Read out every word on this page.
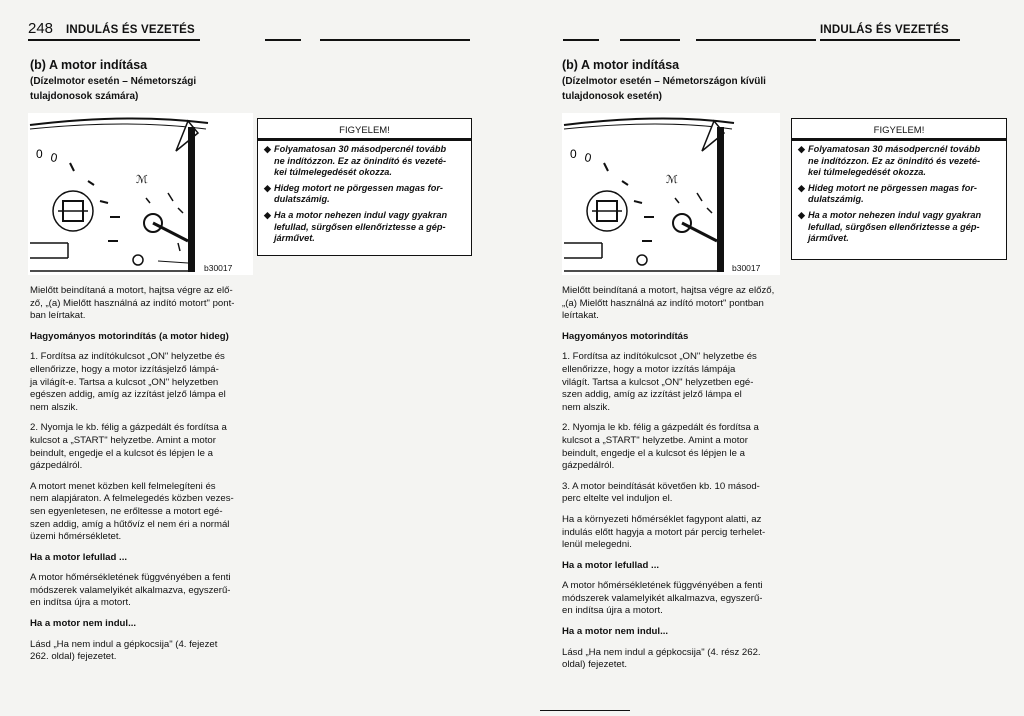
248 INDULÁS ÉS VEZETÉS
(b) A motor indítása
(Dízelmotor esetén – Németországi
tulajdonosok számára)
0 0
ℳ
b30017
FIGYELEM!
◆ Folyamatosan 30 másodpercnél tovább
ne indítózzon. Ez az önindító és vezeté-
kei túlmelegedését okozza.
◆ Hideg motort ne pörgessen magas for-
dulatszámig.
◆ Ha a motor nehezen indul vagy gyakran
lefullad, sürgősen ellenőriztesse a gép-
járművet.

Mielőtt beindítaná a motort, hajtsa végre az elő-
ző, „(a) Mielőtt használná az indító motort" pont-
ban leírtakat.

Hagyományos motorindítás (a motor hideg)

1. Fordítsa az indítókulcsot „ON" helyzetbe és
ellenőrizze, hogy a motor izzításjelző lámpá-
ja világít-e. Tartsa a kulcsot „ON" helyzetben
egészen addig, amíg az izzítást jelző lámpa el
nem alszik.

2. Nyomja le kb. félig a gázpedált és fordítsa a
kulcsot a „START" helyzetbe. Amint a motor
beindult, engedje el a kulcsot és lépjen le a
gázpedálról.

A motort menet közben kell felmelegíteni és
nem alapjáraton. A felmelegedés közben vezes-
sen egyenletesen, ne erőltesse a motort egé-
szen addig, amíg a hűtővíz el nem éri a normál
üzemi hőmérsékletet.

Ha a motor lefullad ...

A motor hőmérsékletének függvényében a fenti
módszerek valamelyikét alkalmazva, egyszerű-
en indítsa újra a motort.

Ha a motor nem indul...

Lásd „Ha nem indul a gépkocsija" (4. fejezet
262. oldal) fejezetet.

INDULÁS ÉS VEZETÉS
(b) A motor indítása
(Dízelmotor esetén – Németországon kívüli
tulajdonosok esetén)
0 0
ℳ
b30017
FIGYELEM!
◆ Folyamatosan 30 másodpercnél tovább
ne indítózzon. Ez az önindító és vezeté-
kei túlmelegedését okozza.
◆ Hideg motort ne pörgessen magas for-
dulatszámig.
◆ Ha a motor nehezen indul vagy gyakran
lefullad, sürgősen ellenőriztesse a gép-
járművet.

Mielőtt beindítaná a motort, hajtsa végre az előző,
„(a) Mielőtt használná az indító motort" pontban
leírtakat.

Hagyományos motorindítás

1. Fordítsa az indítókulcsot „ON" helyzetbe és
ellenőrizze, hogy a motor izzítás lámpája
világít. Tartsa a kulcsot „ON" helyzetben egé-
szen addig, amíg az izzítást jelző lámpa el
nem alszik.

2. Nyomja le kb. félig a gázpedált és fordítsa a
kulcsot a „START" helyzetbe. Amint a motor
beindult, engedje el a kulcsot és lépjen le a
gázpedálról.

3. A motor beindítását követően kb. 10 másod-
perc eltelte vel induljon el.

Ha a környezeti hőmérséklet fagypont alatti, az
indulás előtt hagyja a motort pár percig terhelet-
lenül melegedni.

Ha a motor lefullad ...

A motor hőmérsékletének függvényében a fenti
módszerek valamelyikét alkalmazva, egyszerű-
en indítsa újra a motort.

Ha a motor nem indul...

Lásd „Ha nem indul a gépkocsija" (4. rész 262.
oldal) fejezetet.
